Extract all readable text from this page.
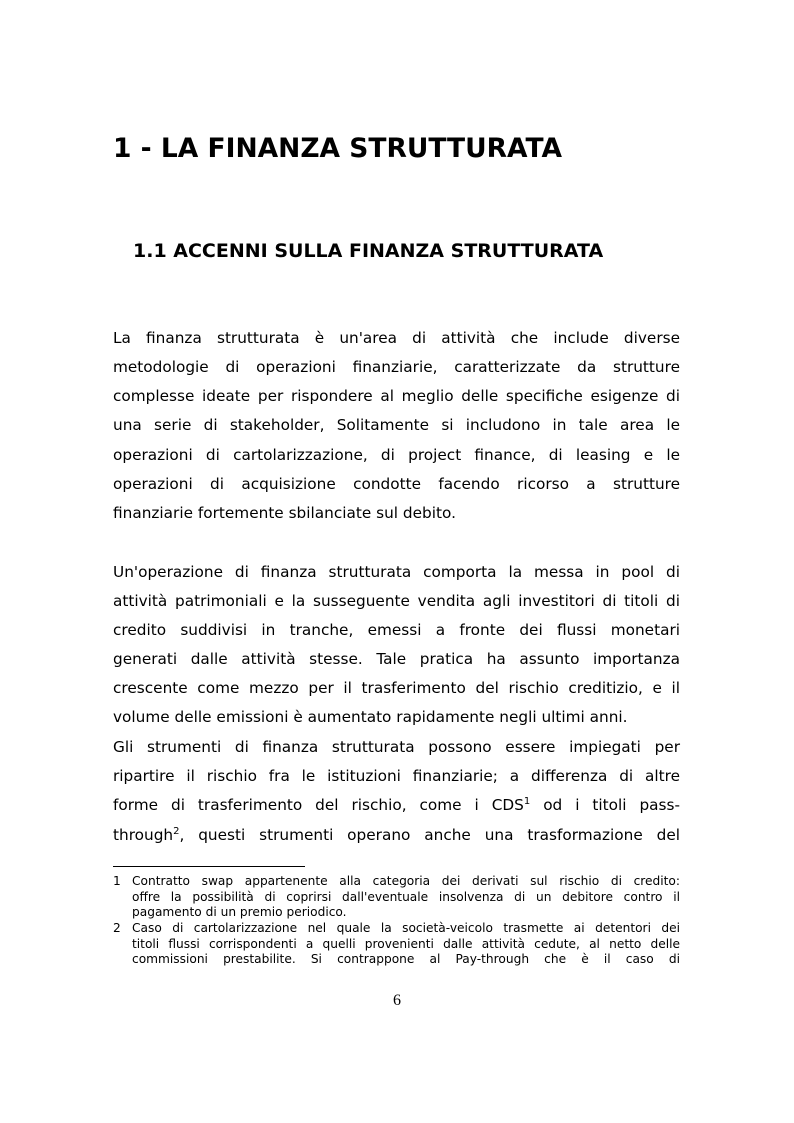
1 - LA FINANZA STRUTTURATA
1.1 ACCENNI SULLA FINANZA STRUTTURATA
La finanza strutturata è un'area di attività che include diverse
metodologie di operazioni finanziarie, caratterizzate da strutture
complesse ideate per rispondere al meglio delle specifiche esigenze di
una serie di stakeholder, Solitamente si includono in tale area le
operazioni di cartolarizzazione, di project finance, di leasing e le
operazioni di acquisizione condotte facendo ricorso a strutture
finanziarie fortemente sbilanciate sul debito.
Un'operazione di finanza strutturata comporta la messa in pool di
attività patrimoniali e la susseguente vendita agli investitori di titoli di
credito suddivisi in tranche, emessi a fronte dei flussi monetari
generati dalle attività stesse. Tale pratica ha assunto importanza
crescente come mezzo per il trasferimento del rischio creditizio, e il
volume delle emissioni è aumentato rapidamente negli ultimi anni.
Gli strumenti di finanza strutturata possono essere impiegati per
ripartire il rischio fra le istituzioni finanziarie; a differenza di altre
forme di trasferimento del rischio, come i CDS$^1$ od i titoli pass-
through$^2$, questi strumenti operano anche una trasformazione del
1 Contratto swap appartenente alla categoria dei derivati sul rischio di credito:
offre la possibilità di coprirsi dall'eventuale insolvenza di un debitore contro il
pagamento di un premio periodico.
2 Caso di cartolarizzazione nel quale la società-veicolo trasmette ai detentori dei
titoli flussi corrispondenti a quelli provenienti dalle attività cedute, al netto delle
commissioni prestabilite. Si contrappone al Pay-through che è il caso di
6
